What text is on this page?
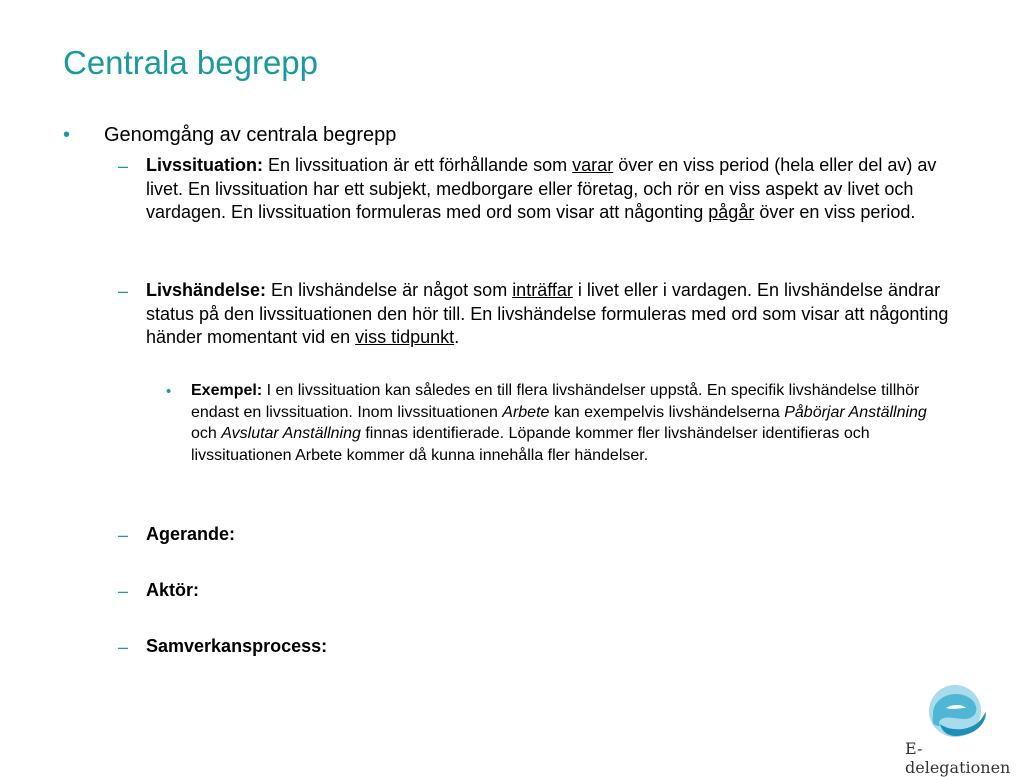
Centrala begrepp
• Genomgång av centrala begrepp
– Livssituation: En livssituation är ett förhållande som varar över en viss period (hela eller del av) av livet. En livssituation har ett subjekt, medborgare eller företag, och rör en viss aspekt av livet och vardagen. En livssituation formuleras med ord som visar att någonting pågår över en viss period.
– Livshändelse: En livshändelse är något som inträffar i livet eller i vardagen. En livshändelse ändrar status på den livssituationen den hör till. En livshändelse formuleras med ord som visar att någonting händer momentant vid en viss tidpunkt.
• Exempel: I en livssituation kan således en till flera livshändelser uppstå. En specifik livshändelse tillhör endast en livssituation. Inom livssituationen Arbete kan exempelvis livshändelserna Påbörjar Anställning och Avslutar Anställning finnas identifierade. Löpande kommer fler livshändelser identifieras och livssituationen Arbete kommer då kunna innehålla fler händelser.
– Agerande:
– Aktör:
– Samverkansprocess:
E-delegationen
